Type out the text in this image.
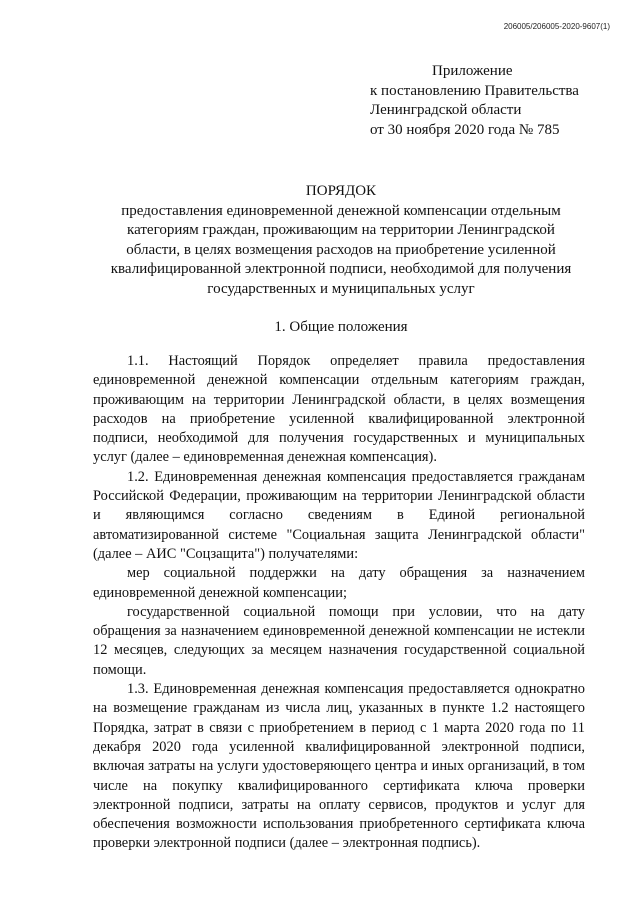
206005/206005-2020-9607(1)
Приложение
к постановлению Правительства
Ленинградской области
от 30 ноября 2020 года № 785
ПОРЯДОК
предоставления единовременной денежной компенсации отдельным
категориям граждан, проживающим на территории Ленинградской
области, в целях возмещения расходов на приобретение усиленной
квалифицированной электронной подписи, необходимой для получения
государственных и муниципальных услуг
1. Общие положения

1.1. Настоящий Порядок определяет правила предоставления единовременной денежной компенсации отдельным категориям граждан, проживающим на территории Ленинградской области, в целях возмещения расходов на приобретение усиленной квалифицированной электронной подписи, необходимой для получения государственных и муниципальных услуг (далее – единовременная денежная компенсация).

1.2. Единовременная денежная компенсация предоставляется гражданам Российской Федерации, проживающим на территории Ленинградской области и являющимся согласно сведениям в Единой региональной автоматизированной системе "Социальная защита Ленинградской области" (далее – АИС "Соцзащита") получателями:

мер социальной поддержки на дату обращения за назначением единовременной денежной компенсации;

государственной социальной помощи при условии, что на дату обращения за назначением единовременной денежной компенсации не истекли 12 месяцев, следующих за месяцем назначения государственной социальной помощи.

1.3. Единовременная денежная компенсация предоставляется однократно на возмещение гражданам из числа лиц, указанных в пункте 1.2 настоящего Порядка, затрат в связи с приобретением в период с 1 марта 2020 года по 11 декабря 2020 года усиленной квалифицированной электронной подписи, включая затраты на услуги удостоверяющего центра и иных организаций, в том числе на покупку квалифицированного сертификата ключа проверки электронной подписи, затраты на оплату сервисов, продуктов и услуг для обеспечения возможности использования приобретенного сертификата ключа проверки электронной подписи (далее – электронная подпись).
